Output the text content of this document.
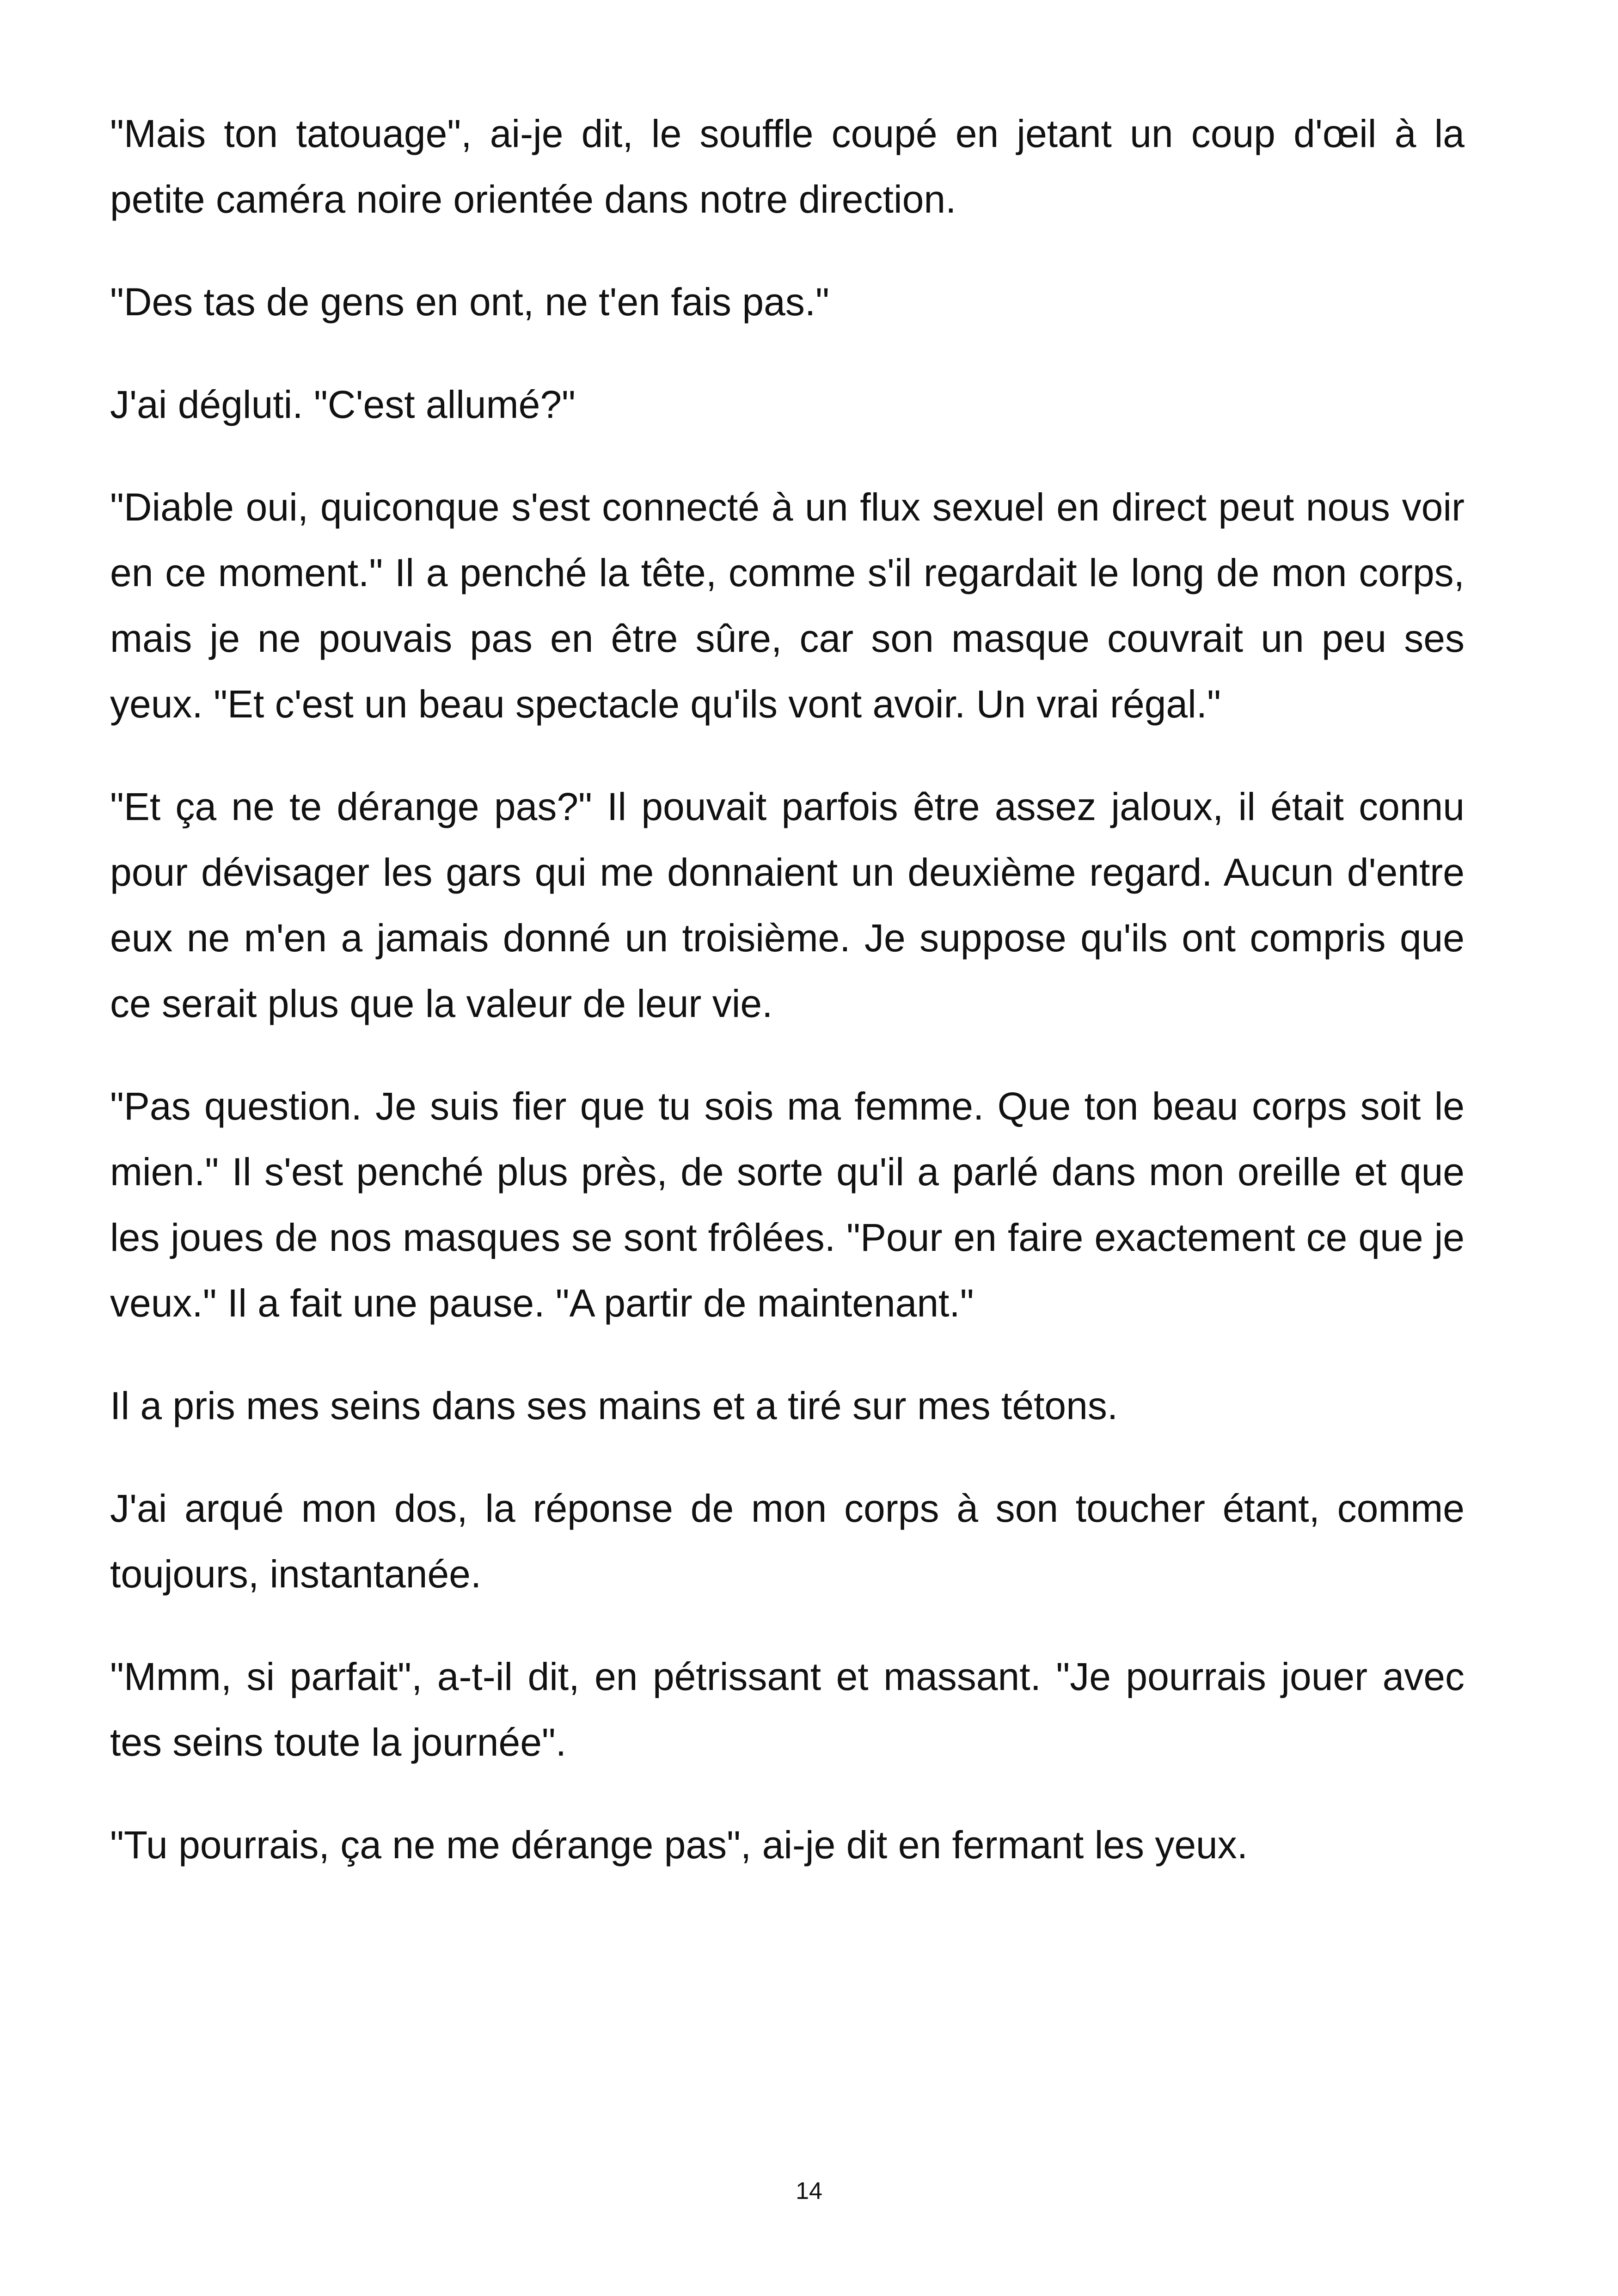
"Mais ton tatouage", ai-je dit, le souffle coupé en jetant un coup d'œil à la petite caméra noire orientée dans notre direction.

"Des tas de gens en ont, ne t'en fais pas."

J'ai dégluti. "C'est allumé?"

"Diable oui, quiconque s'est connecté à un flux sexuel en direct peut nous voir en ce moment." Il a penché la tête, comme s'il regardait le long de mon corps, mais je ne pouvais pas en être sûre, car son masque couvrait un peu ses yeux. "Et c'est un beau spectacle qu'ils vont avoir. Un vrai régal."

"Et ça ne te dérange pas?" Il pouvait parfois être assez jaloux, il était connu pour dévisager les gars qui me donnaient un deuxième regard. Aucun d'entre eux ne m'en a jamais donné un troisième. Je suppose qu'ils ont compris que ce serait plus que la valeur de leur vie.

"Pas question. Je suis fier que tu sois ma femme. Que ton beau corps soit le mien." Il s'est penché plus près, de sorte qu'il a parlé dans mon oreille et que les joues de nos masques se sont frôlées. "Pour en faire exactement ce que je veux." Il a fait une pause. "A partir de maintenant."

Il a pris mes seins dans ses mains et a tiré sur mes tétons.

J'ai arqué mon dos, la réponse de mon corps à son toucher étant, comme toujours, instantanée.

"Mmm, si parfait", a-t-il dit, en pétrissant et massant. "Je pourrais jouer avec tes seins toute la journée".

"Tu pourrais, ça ne me dérange pas", ai-je dit en fermant les yeux.

14
